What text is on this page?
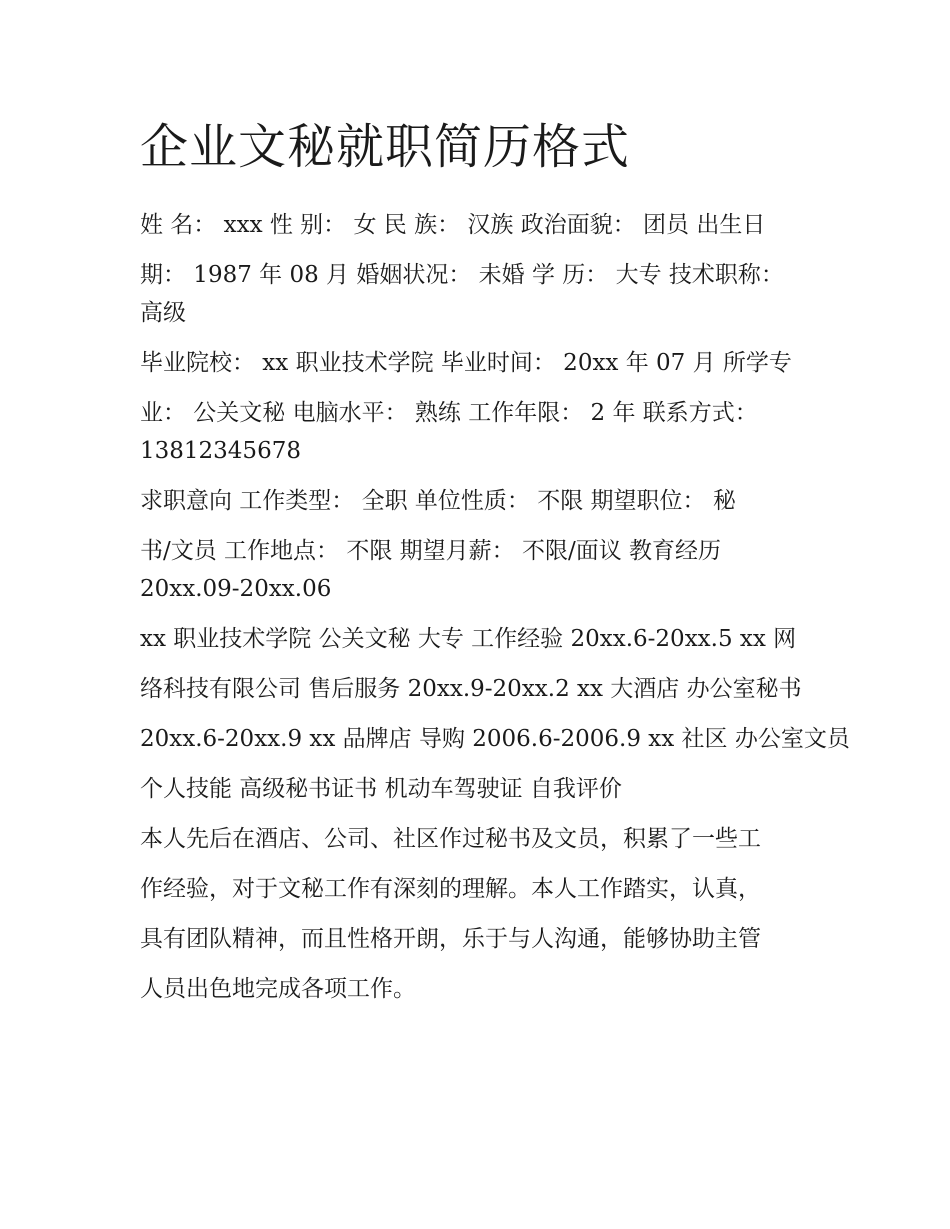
企业文秘就职简历格式

姓 名： xxx 性 别： 女 民 族： 汉族 政治面貌： 团员 出生日

期： 1987 年 08 月 婚姻状况： 未婚 学 历： 大专 技术职称：

高级

毕业院校： xx 职业技术学院 毕业时间： 20xx 年 07 月 所学专

业： 公关文秘 电脑水平： 熟练 工作年限： 2 年 联系方式：

13812345678

求职意向 工作类型： 全职 单位性质： 不限 期望职位： 秘

书/文员 工作地点： 不限 期望月薪： 不限/面议 教育经历

20xx.09-20xx.06

xx 职业技术学院 公关文秘 大专 工作经验 20xx.6-20xx.5 xx 网

络科技有限公司 售后服务 20xx.9-20xx.2 xx 大酒店 办公室秘书

20xx.6-20xx.9 xx 品牌店 导购 2006.6-2006.9 xx 社区 办公室文员

个人技能 高级秘书证书 机动车驾驶证 自我评价

本人先后在酒店、公司、社区作过秘书及文员，积累了一些工

作经验，对于文秘工作有深刻的理解。本人工作踏实，认真，

具有团队精神，而且性格开朗，乐于与人沟通，能够协助主管

人员出色地完成各项工作。
